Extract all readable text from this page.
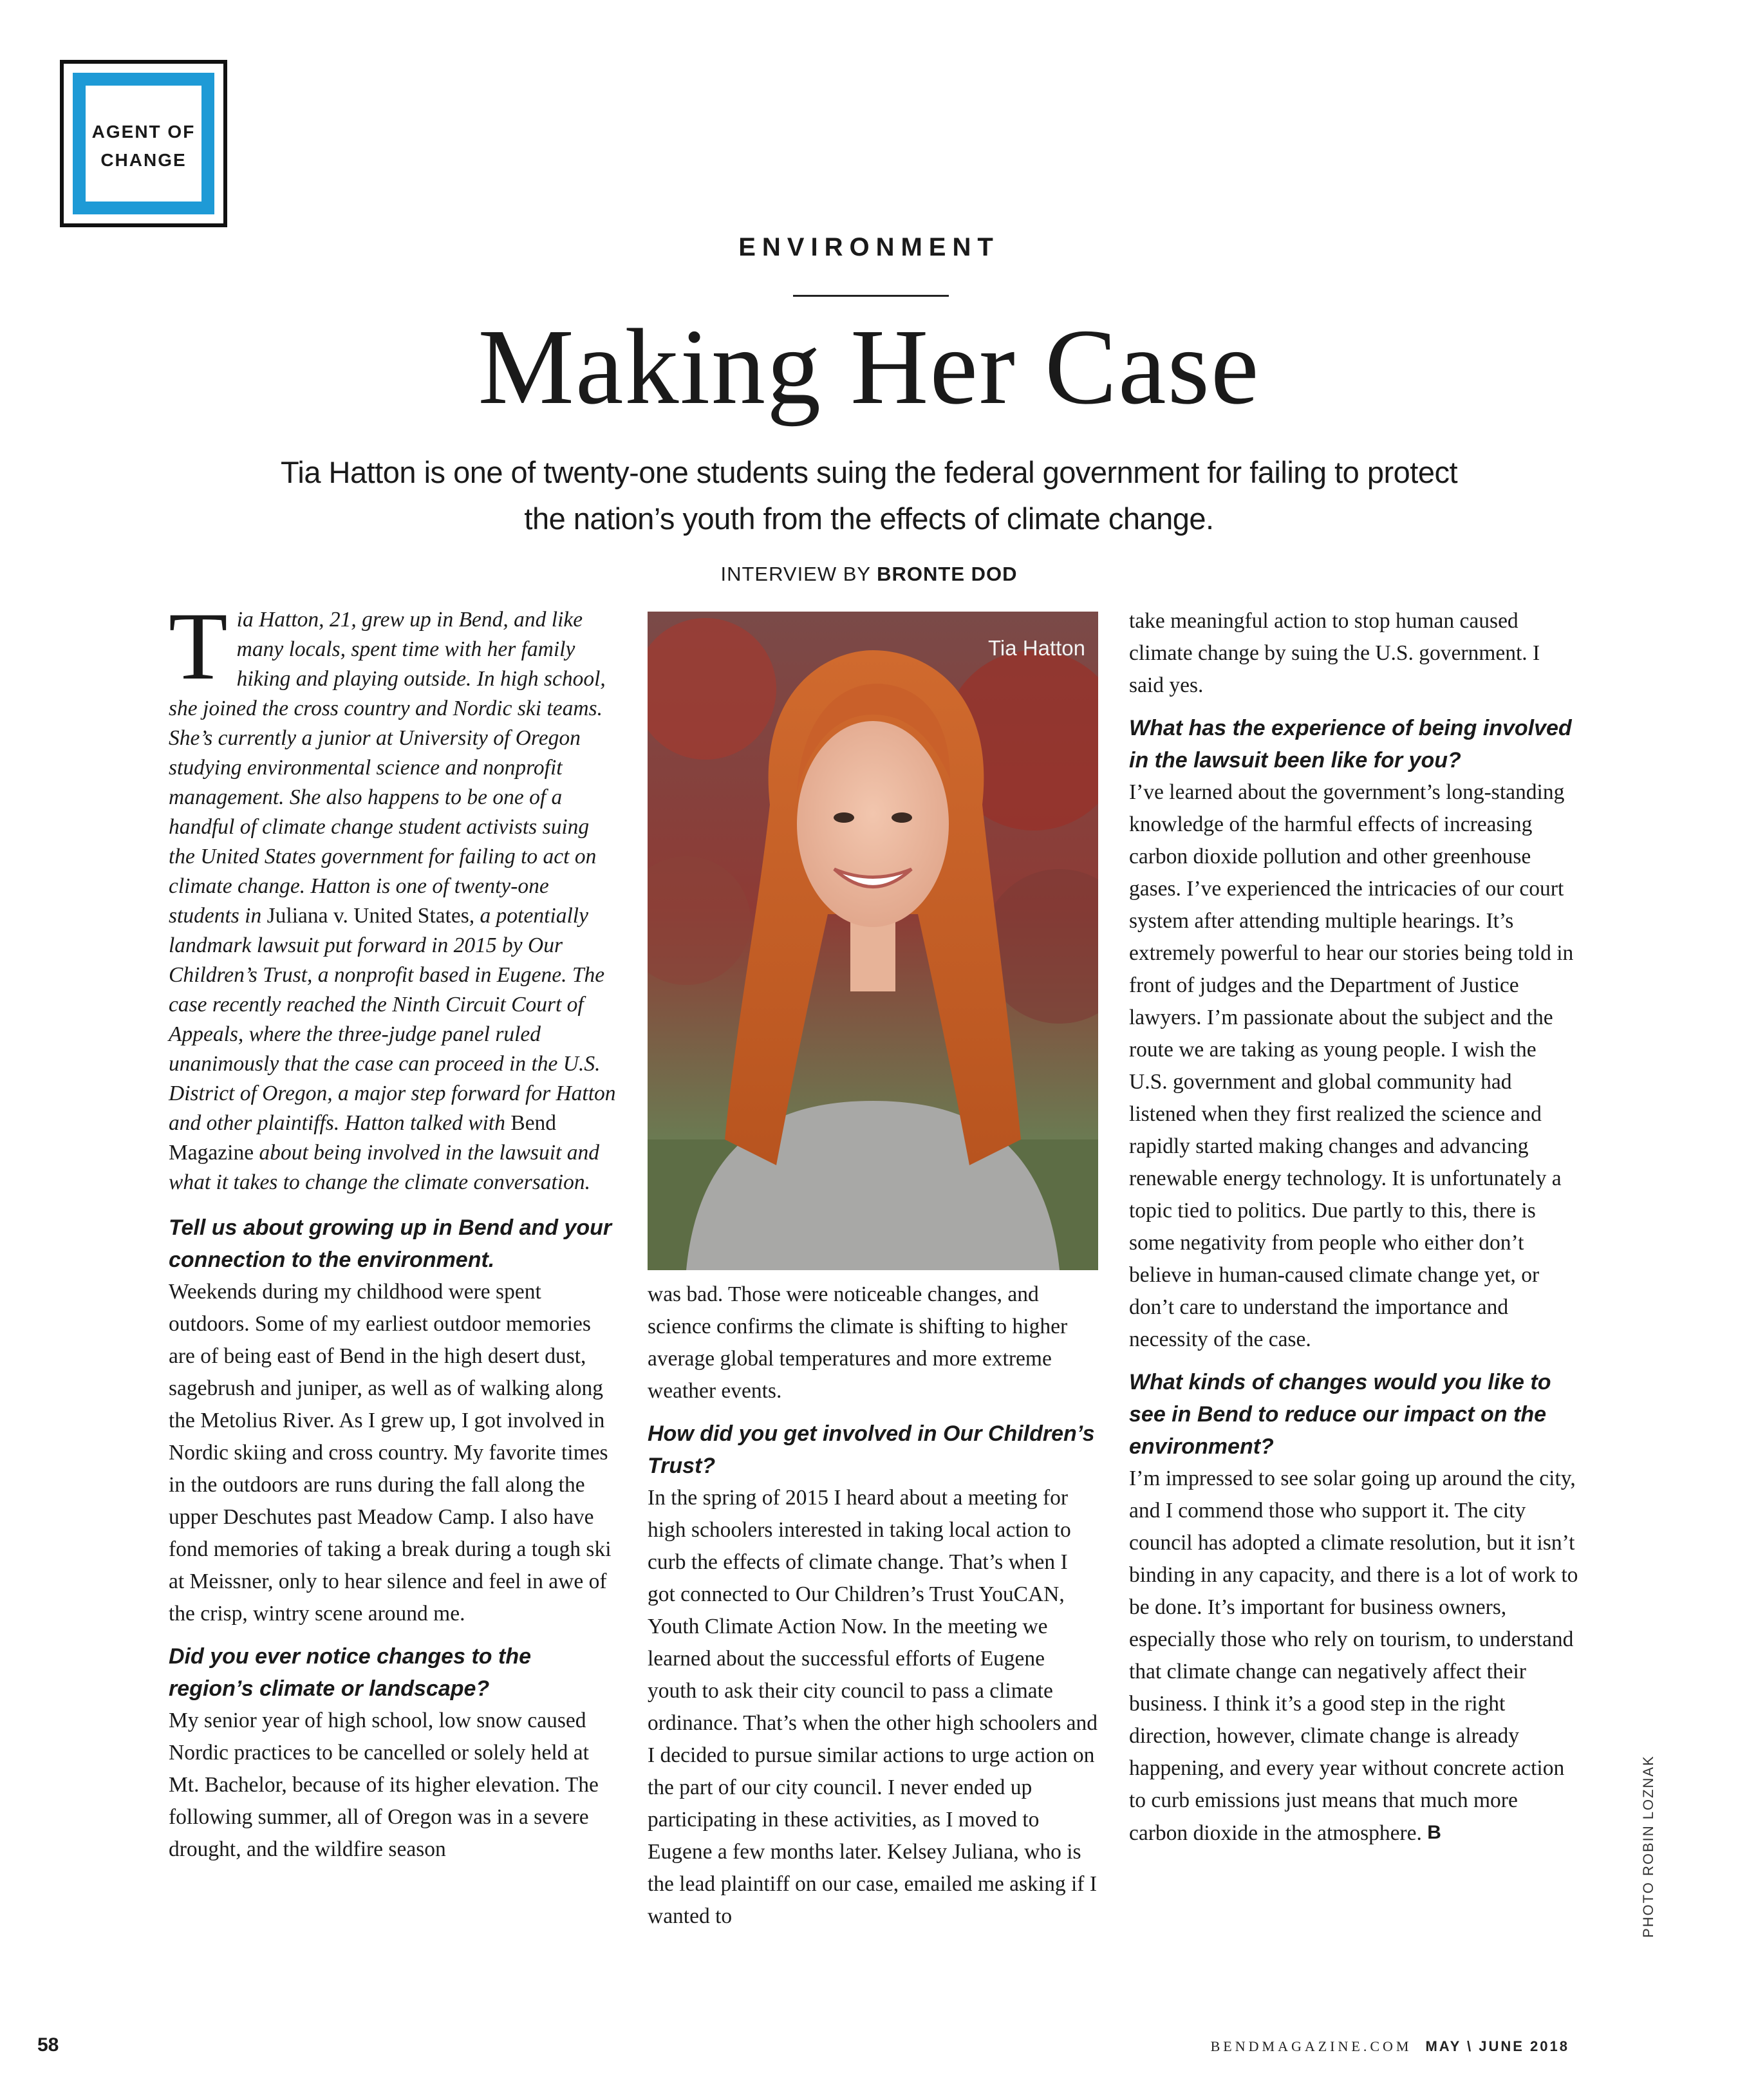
AGENT OF
CHANGE
ENVIRONMENT
Making Her Case
Tia Hatton is one of twenty-one students suing the federal government for failing to protect the nation’s youth from the effects of climate change.
INTERVIEW BY BRONTE DOD

Tia Hatton, 21, grew up in Bend, and like many locals, spent time with her family hiking and playing outside. In high school, she joined the cross country and Nordic ski teams. She’s currently a junior at University of Oregon studying environmental science and nonprofit management. She also happens to be one of a handful of climate change student activists suing the United States government for failing to act on climate change. Hatton is one of twenty-one students in Juliana v. United States, a potentially landmark lawsuit put forward in 2015 by Our Children’s Trust, a nonprofit based in Eugene. The case recently reached the Ninth Circuit Court of Appeals, where the three-judge panel ruled unanimously that the case can proceed in the U.S. District of Oregon, a major step forward for Hatton and other plaintiffs. Hatton talked with Bend Magazine about being involved in the lawsuit and what it takes to change the climate conversation.

Tell us about growing up in Bend and your connection to the environment.

Weekends during my childhood were spent outdoors. Some of my earliest outdoor memories are of being east of Bend in the high desert dust, sagebrush and juniper, as well as of walking along the Metolius River. As I grew up, I got involved in Nordic skiing and cross country. My favorite times in the outdoors are runs during the fall along the upper Deschutes past Meadow Camp. I also have fond memories of taking a break during a tough ski at Meissner, only to hear silence and feel in awe of the crisp, wintry scene around me.

Did you ever notice changes to the region’s climate or landscape?

My senior year of high school, low snow caused Nordic practices to be cancelled or solely held at Mt. Bachelor, because of its higher elevation. The following summer, all of Oregon was in a severe drought, and the wildfire season

Tia Hatton

was bad. Those were noticeable changes, and science confirms the climate is shifting to higher average global temperatures and more extreme weather events.

How did you get involved in Our Children’s Trust?

In the spring of 2015 I heard about a meeting for high schoolers interested in taking local action to curb the effects of climate change. That’s when I got connected to Our Children’s Trust YouCAN, Youth Climate Action Now. In the meeting we learned about the successful efforts of Eugene youth to ask their city council to pass a climate ordinance. That’s when the other high schoolers and I decided to pursue similar actions to urge action on the part of our city council. I never ended up participating in these activities, as I moved to Eugene a few months later. Kelsey Juliana, who is the lead plaintiff on our case, emailed me asking if I wanted to

take meaningful action to stop human caused climate change by suing the U.S. government. I said yes.

What has the experience of being involved in the lawsuit been like for you?

I’ve learned about the government’s long-standing knowledge of the harmful effects of increasing carbon dioxide pollution and other greenhouse gases. I’ve experienced the intricacies of our court system after attending multiple hearings. It’s extremely powerful to hear our stories being told in front of judges and the Department of Justice lawyers. I’m passionate about the subject and the route we are taking as young people. I wish the U.S. government and global community had listened when they first realized the science and rapidly started making changes and advancing renewable energy technology. It is unfortunately a topic tied to politics. Due partly to this, there is some negativity from people who either don’t believe in human-caused climate change yet, or don’t care to understand the importance and necessity of the case.

What kinds of changes would you like to see in Bend to reduce our impact on the environment?

I’m impressed to see solar going up around the city, and I commend those who support it. The city council has adopted a climate resolution, but it isn’t binding in any capacity, and there is a lot of work to be done. It’s important for business owners, especially those who rely on tourism, to understand that climate change can negatively affect their business. I think it’s a good step in the right direction, however, climate change is already happening, and every year without concrete action to curb emissions just means that much more carbon dioxide in the atmosphere. B	PHOTO ROBIN LOZNAK
58	BENDMAGAZINE.COM MAY \ JUNE 2018
